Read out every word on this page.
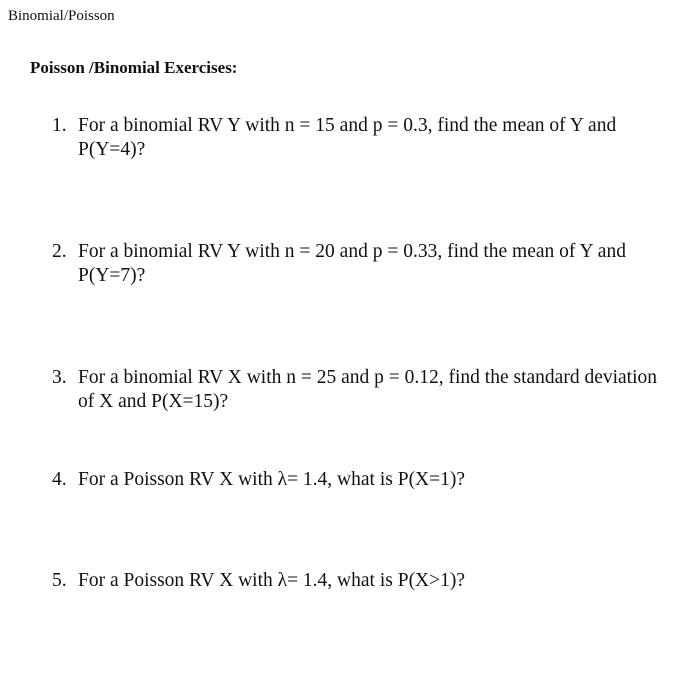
Binomial/Poisson
Poisson /Binomial Exercises:
1. For a binomial RV Y with n = 15 and p = 0.3, find the mean of Y and P(Y=4)?
2. For a binomial RV Y with n = 20 and p = 0.33, find the mean of Y and P(Y=7)?
3. For a binomial RV X with n = 25 and p = 0.12, find the standard deviation of X and P(X=15)?
4. For a Poisson RV X with λ= 1.4, what is P(X=1)?
5. For a Poisson RV X with λ= 1.4, what is P(X>1)?
